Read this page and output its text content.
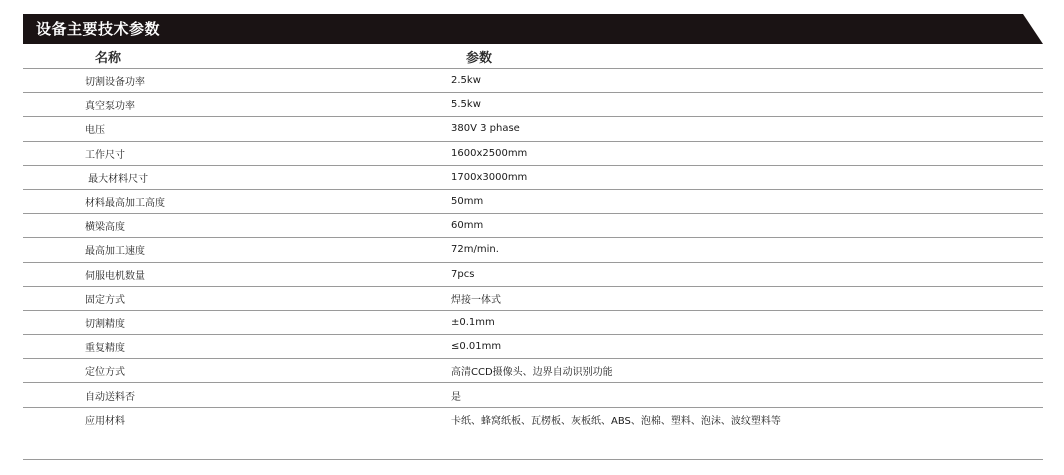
设备主要技术参数
名称	参数
切割设备功率	2.5kw
真空泵功率	5.5kw
电压	380V 3 phase
工作尺寸	1600x2500mm
最大材料尺寸	1700x3000mm
材料最高加工高度	50mm
横梁高度	60mm
最高加工速度	72m/min.
伺服电机数量	7pcs
固定方式	焊接一体式
切割精度	±0.1mm
重复精度	≤0.01mm
定位方式	高清CCD摄像头、边界自动识别功能
自动送料否	是
应用材料	卡纸、蜂窝纸板、瓦楞板、灰板纸、ABS、泡棉、塑料、泡沫、波纹塑料等
